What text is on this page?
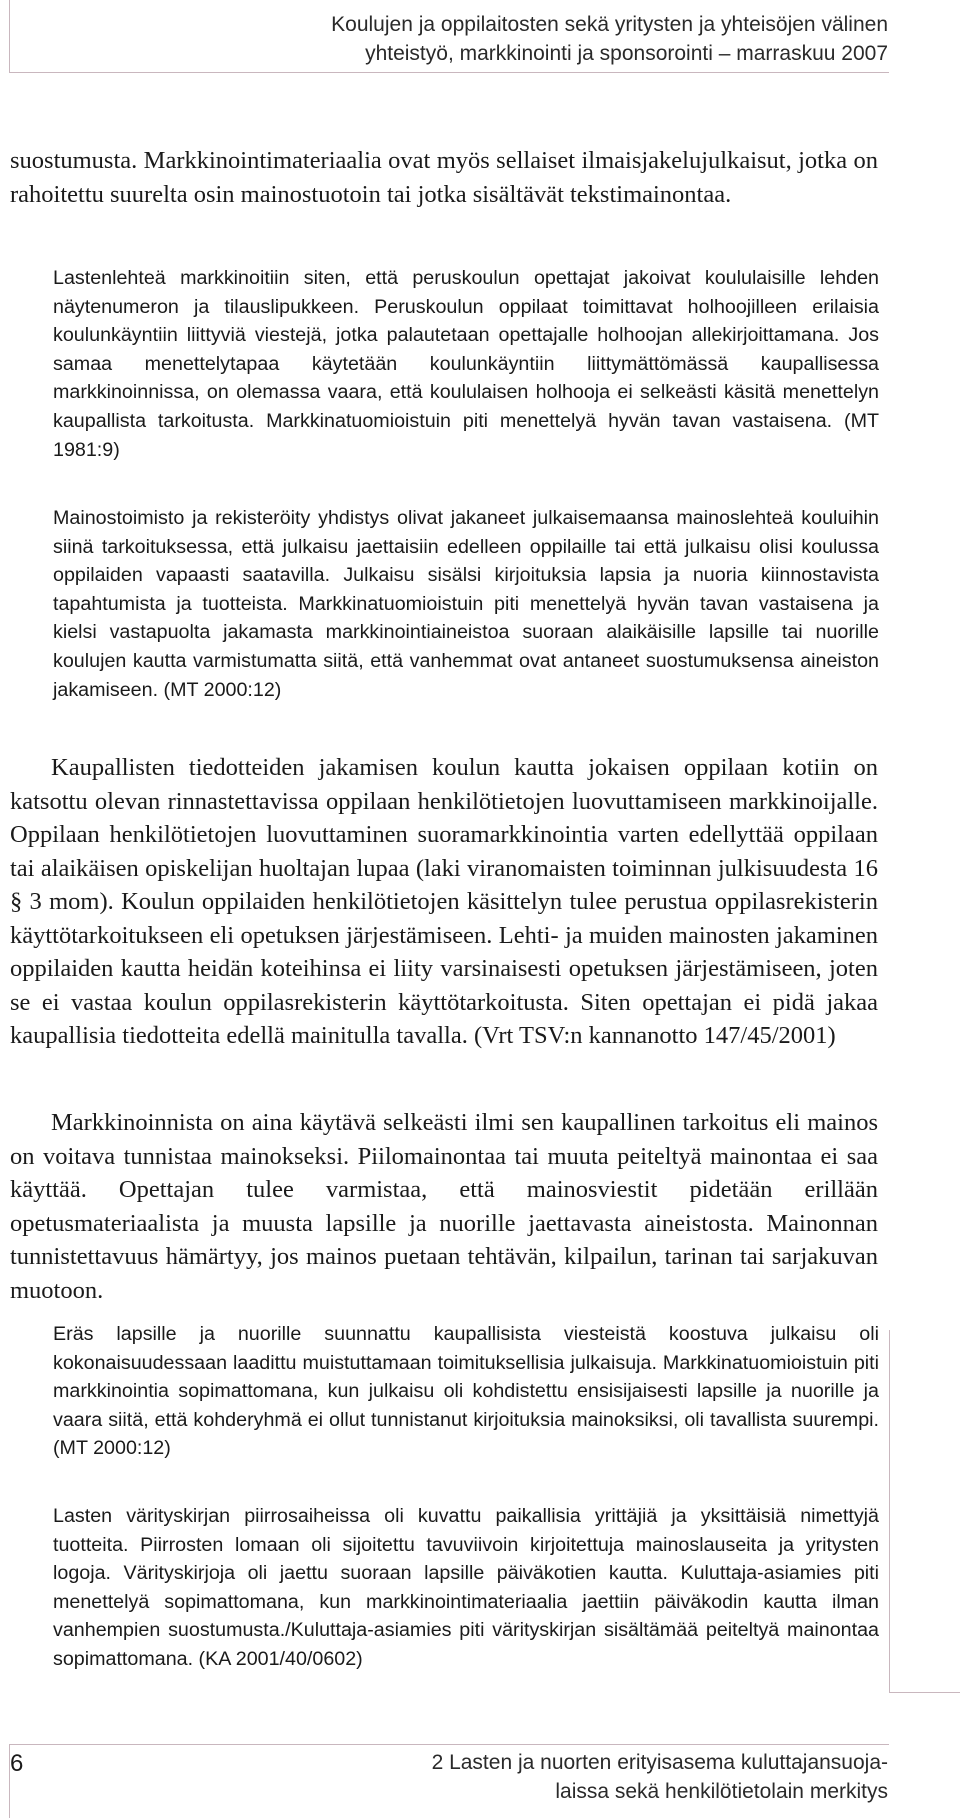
Koulujen ja oppilaitosten sekä yritysten ja yhteisöjen välinen
yhteistyö, markkinointi ja sponsorointi – marraskuu 2007

suostumusta. Markkinointimateriaalia ovat myös sellaiset ilmaisjakelujulkaisut, jotka on rahoitettu suurelta osin mainostuotoin tai jotka sisältävät tekstimainontaa.

Lastenlehteä markkinoitiin siten, että peruskoulun opettajat jakoivat koululaisille lehden näytenumeron ja tilauslipukkeen. Peruskoulun oppilaat toimittavat holhoojilleen erilaisia koulunkäyntiin liittyviä viestejä, jotka palautetaan opettajalle holhoojan allekirjoittamana. Jos samaa menettelytapaa käytetään koulunkäyntiin liittymättömässä kaupallisessa markkinoinnissa, on olemassa vaara, että koululaisen holhooja ei selkeästi käsitä menettelyn kaupallista tarkoitusta. Markkinatuomioistuin piti menettelyä hyvän tavan vastaisena. (MT 1981:9)

Mainostoimisto ja rekisteröity yhdistys olivat jakaneet julkaisemaansa mainoslehteä kouluihin siinä tarkoituksessa, että julkaisu jaettaisiin edelleen oppilaille tai että julkaisu olisi koulussa oppilaiden vapaasti saatavilla. Julkaisu sisälsi kirjoituksia lapsia ja nuoria kiinnostavista tapahtumista ja tuotteista. Markkinatuomioistuin piti menettelyä hyvän tavan vastaisena ja kielsi vastapuolta jakamasta markkinointiaineistoa suoraan alaikäisille lapsille tai nuorille koulujen kautta varmistumatta siitä, että vanhemmat ovat antaneet suostumuksensa aineiston jakamiseen. (MT 2000:12)

Kaupallisten tiedotteiden jakamisen koulun kautta jokaisen oppilaan kotiin on katsottu olevan rinnastettavissa oppilaan henkilötietojen luovuttamiseen markkinoijalle. Oppilaan henkilötietojen luovuttaminen suoramarkkinointia varten edellyttää oppilaan tai alaikäisen opiskelijan huoltajan lupaa (laki viranomaisten toiminnan julkisuudesta 16 § 3 mom). Koulun oppilaiden henkilötietojen käsittelyn tulee perustua oppilasrekisterin käyttötarkoitukseen eli opetuksen järjestämiseen. Lehti- ja muiden mainosten jakaminen oppilaiden kautta heidän koteihinsa ei liity varsinaisesti opetuksen järjestämiseen, joten se ei vastaa koulun oppilasrekisterin käyttötarkoitusta. Siten opettajan ei pidä jakaa kaupallisia tiedotteita edellä mainitulla tavalla. (Vrt TSV:n kannanotto 147/45/2001)

Markkinoinnista on aina käytävä selkeästi ilmi sen kaupallinen tarkoitus eli mainos on voitava tunnistaa mainokseksi. Piilomainontaa tai muuta peiteltyä mainontaa ei saa käyttää. Opettajan tulee varmistaa, että mainosviestit pidetään erillään opetusmateriaalista ja muusta lapsille ja nuorille jaettavasta aineistosta. Mainonnan tunnistettavuus hämärtyy, jos mainos puetaan tehtävän, kilpailun, tarinan tai sarjakuvan muotoon.

Eräs lapsille ja nuorille suunnattu kaupallisista viesteistä koostuva julkaisu oli kokonaisuudessaan laadittu muistuttamaan toimituksellisia julkaisuja. Markkinatuomioistuin piti markkinointia sopimattomana, kun julkaisu oli kohdistettu ensisijaisesti lapsille ja nuorille ja vaara siitä, että kohderyhmä ei ollut tunnistanut kirjoituksia mainoksiksi, oli tavallista suurempi. (MT 2000:12)

Lasten värityskirjan piirrosaiheissa oli kuvattu paikallisia yrittäjiä ja yksittäisiä nimettyjä tuotteita. Piirrosten lomaan oli sijoitettu tavuviivoin kirjoitettuja mainoslauseita ja yritysten logoja. Värityskirjoja oli jaettu suoraan lapsille päiväkotien kautta. Kuluttaja-asiamies piti menettelyä sopimattomana, kun markkinointimateriaalia jaettiin päiväkodin kautta ilman vanhempien suostumusta./Kuluttaja-asiamies piti värityskirjan sisältämää peiteltyä mainontaa sopimattomana. (KA 2001/40/0602)

6	2 Lasten ja nuorten erityisasema kuluttajansuoja-
laissa sekä henkilötietolain merkitys
